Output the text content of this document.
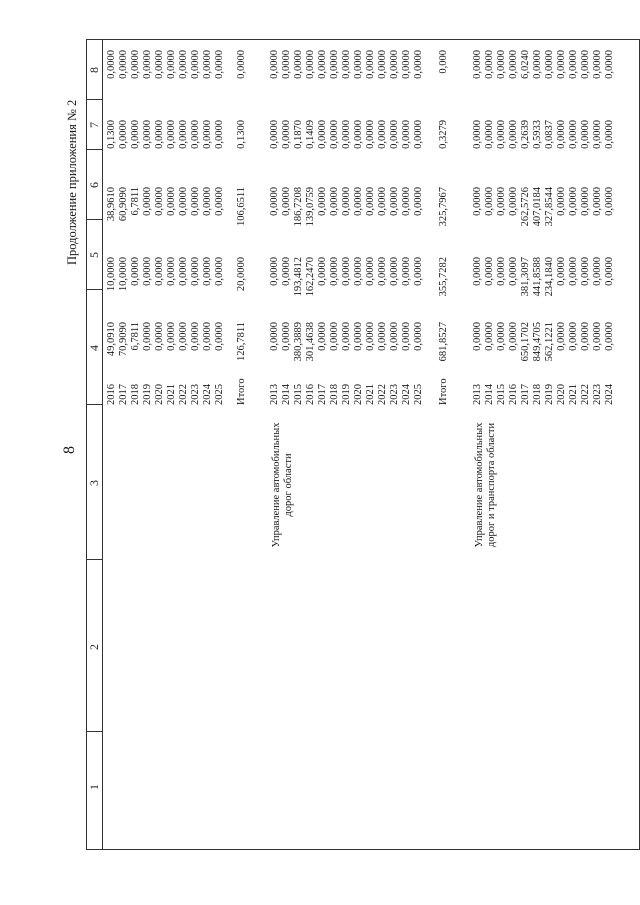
8
Продолжение приложения № 2
1
2
3
4
5
6
7
8
2016 2017 2018 2019 2020 2021 2022 2023 2024 2025
49,0910 70,9090 6,7811 0,0000 0,0000 0,0000 0,0000 0,0000 0,0000 0,0000
10,0000 10,0000 0,0000 0,0000 0,0000 0,0000 0,0000 0,0000 0,0000 0,0000
38,9610 60,9090 6,7811 0,0000 0,0000 0,0000 0,0000 0,0000 0,0000 0,0000
0,1300 0,0000 0,0000 0,0000 0,0000 0,0000 0,0000 0,0000 0,0000 0,0000
0,0000 0,0000 0,0000 0,0000 0,0000 0,0000 0,0000 0,0000 0,0000 0,0000
Итого
126,7811
20,0000
106,6511
0,1300
0,0000
Управление автомобильных дорог области
2013 2014 2015 2016 2017 2018 2019 2020 2021 2022 2023 2024 2025
0,0000 0,0000 380,3889 301,4638 0,0000 0,0000 0,0000 0,0000 0,0000 0,0000 0,0000 0,0000 0,0000
0,0000 0,0000 193,4812 162,2470 0,0000 0,0000 0,0000 0,0000 0,0000 0,0000 0,0000 0,0000 0,0000
0,0000 0,0000 186,7208 139,0759 0,0000 0,0000 0,0000 0,0000 0,0000 0,0000 0,0000 0,0000 0,0000
0,0000 0,0000 0,1870 0,1409 0,0000 0,0000 0,0000 0,0000 0,0000 0,0000 0,0000 0,0000 0,0000
0,0000 0,0000 0,0000 0,0000 0,0000 0,0000 0,0000 0,0000 0,0000 0,0000 0,0000 0,0000 0,0000
Итого
681,8527
355,7282
325,7967
0,3279
0,000
Управление автомобильных дорог и транспорта области
2013 2014 2015 2016 2017 2018 2019 2020 2021 2022 2023 2024
0,0000 0,0000 0,0000 0,0000 650,1702 849,4705 562,1221 0,0000 0,0000 0,0000 0,0000 0,0000
0,0000 0,0000 0,0000 0,0000 381,3097 441,8588 234,1840 0,0000 0,0000 0,0000 0,0000 0,0000
0,0000 0,0000 0,0000 0,0000 262,5726 407,0184 327,8544 0,0000 0,0000 0,0000 0,0000 0,0000
0,0000 0,0000 0,0000 0,0000 0,2639 0,5933 0,0837 0,0000 0,0000 0,0000 0,0000 0,0000
0,0000 0,0000 0,0000 0,0000 6,0240 0,0000 0,0000 0,0000 0,0000 0,0000 0,0000 0,0000
